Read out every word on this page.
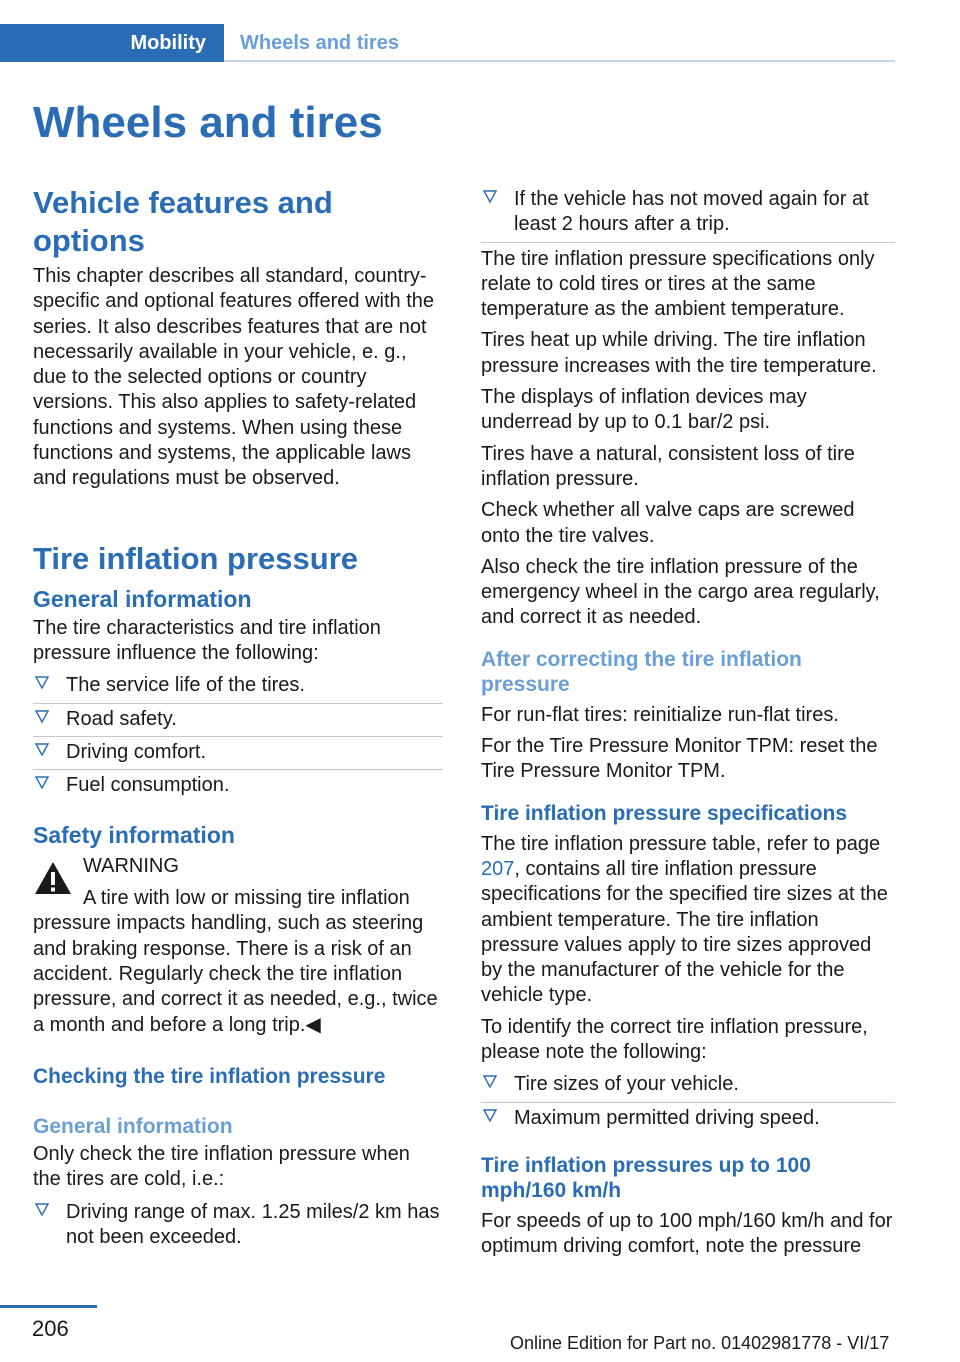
Mobility Wheels and tires
Wheels and tires
Vehicle features and options

This chapter describes all standard, country-specific and optional features offered with the series. It also describes features that are not necessarily available in your vehicle, e. g., due to the selected options or country versions. This also applies to safety-related functions and systems. When using these functions and systems, the applicable laws and regulations must be observed.

Tire inflation pressure
General information

The tire characteristics and tire inflation pressure influence the following:

The service life of the tires.
Road safety.
Driving comfort.
Fuel consumption.
Safety information
WARNING
A tire with low or missing tire inflation

pressure impacts handling, such as steering and braking response. There is a risk of an accident. Regularly check the tire inflation pressure, and correct it as needed, e.g., twice a month and before a long trip.◀

Checking the tire inflation pressure
General information

Only check the tire inflation pressure when the tires are cold, i.e.:

Driving range of max. 1.25 miles/2 km has not been exceeded.
If the vehicle has not moved again for at least 2 hours after a trip.

The tire inflation pressure specifications only relate to cold tires or tires at the same temperature as the ambient temperature.

Tires heat up while driving. The tire inflation pressure increases with the tire temperature.

The displays of inflation devices may underread by up to 0.1 bar/2 psi.

Tires have a natural, consistent loss of tire inflation pressure.

Check whether all valve caps are screwed onto the tire valves.

Also check the tire inflation pressure of the emergency wheel in the cargo area regularly, and correct it as needed.

After correcting the tire inflation pressure

For run-flat tires: reinitialize run-flat tires.

For the Tire Pressure Monitor TPM: reset the Tire Pressure Monitor TPM.

Tire inflation pressure specifications

The tire inflation pressure table, refer to page 207, contains all tire inflation pressure specifications for the specified tire sizes at the ambient temperature. The tire inflation pressure values apply to tire sizes approved by the manufacturer of the vehicle for the vehicle type.

To identify the correct tire inflation pressure, please note the following:

Tire sizes of your vehicle.
Maximum permitted driving speed.
Tire inflation pressures up to 100 mph/160 km/h

For speeds of up to 100 mph/160 km/h and for optimum driving comfort, note the pressure

206
Online Edition for Part no. 01402981778 - VI/17
